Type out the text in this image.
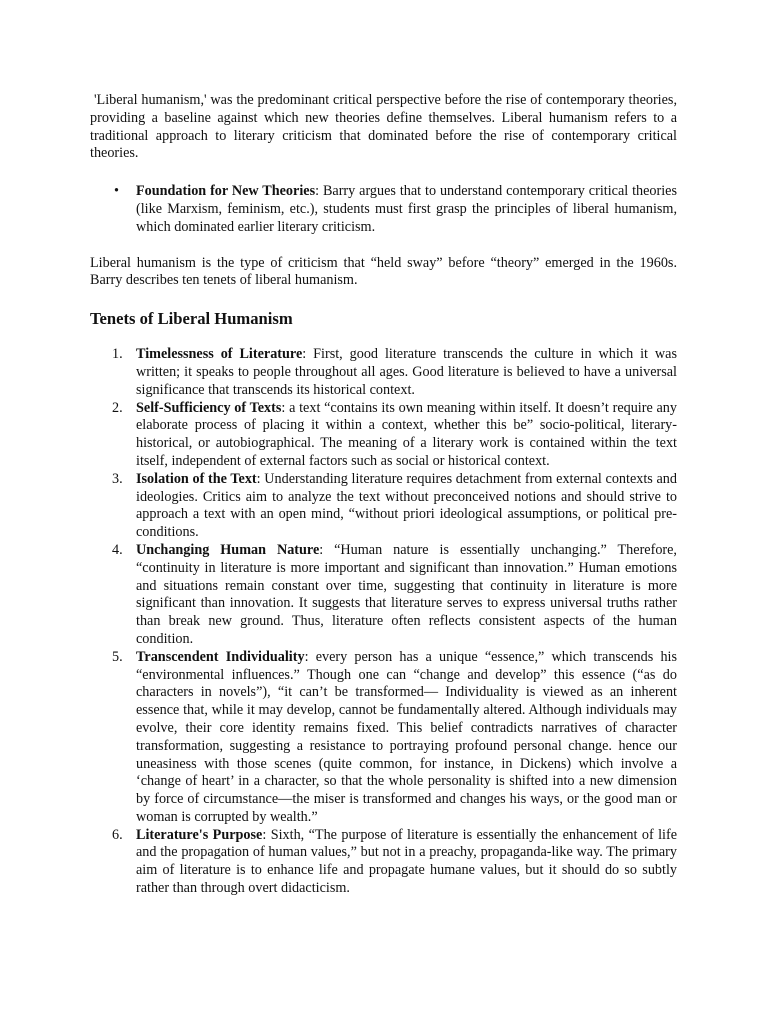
'Liberal humanism,' was the predominant critical perspective before the rise of contemporary theories, providing a baseline against which new theories define themselves. Liberal humanism refers to a traditional approach to literary criticism that dominated before the rise of contemporary critical theories.

• Foundation for New Theories: Barry argues that to understand contemporary critical theories (like Marxism, feminism, etc.), students must first grasp the principles of liberal humanism, which dominated earlier literary criticism.

Liberal humanism is the type of criticism that “held sway” before “theory” emerged in the 1960s. Barry describes ten tenets of liberal humanism.

Tenets of Liberal Humanism
1. Timelessness of Literature: First, good literature transcends the culture in which it was written; it speaks to people throughout all ages. Good literature is believed to have a universal significance that transcends its historical context.
2. Self-Sufficiency of Texts: a text “contains its own meaning within itself. It doesn’t require any elaborate process of placing it within a context, whether this be” socio-political, literary-historical, or autobiographical. The meaning of a literary work is contained within the text itself, independent of external factors such as social or historical context.
3. Isolation of the Text: Understanding literature requires detachment from external contexts and ideologies. Critics aim to analyze the text without preconceived notions and should strive to approach a text with an open mind, “without priori ideological assumptions, or political pre-conditions.
4. Unchanging Human Nature: “Human nature is essentially unchanging.” Therefore, “continuity in literature is more important and significant than innovation.” Human emotions and situations remain constant over time, suggesting that continuity in literature is more significant than innovation. It suggests that literature serves to express universal truths rather than break new ground. Thus, literature often reflects consistent aspects of the human condition.
5. Transcendent Individuality: every person has a unique “essence,” which transcends his “environmental influences.” Though one can “change and develop” this essence (“as do characters in novels”), “it can’t be transformed— Individuality is viewed as an inherent essence that, while it may develop, cannot be fundamentally altered. Although individuals may evolve, their core identity remains fixed. This belief contradicts narratives of character transformation, suggesting a resistance to portraying profound personal change. hence our uneasiness with those scenes (quite common, for instance, in Dickens) which involve a ‘change of heart’ in a character, so that the whole personality is shifted into a new dimension by force of circumstance—the miser is transformed and changes his ways, or the good man or woman is corrupted by wealth.”
6. Literature's Purpose: Sixth, “The purpose of literature is essentially the enhancement of life and the propagation of human values,” but not in a preachy, propaganda-like way. The primary aim of literature is to enhance life and propagate humane values, but it should do so subtly rather than through overt didacticism.
